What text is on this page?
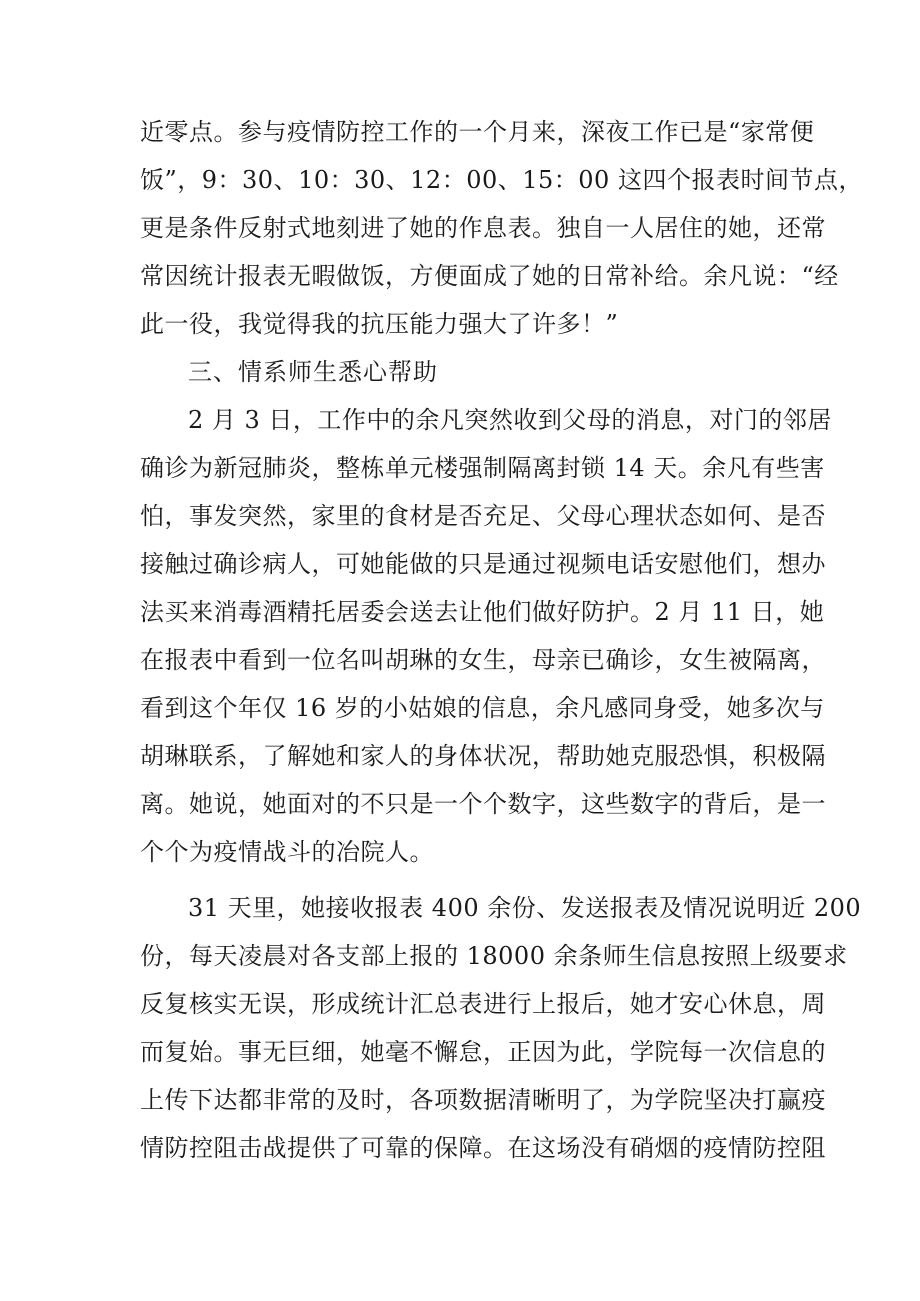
近零点。参与疫情防控工作的一个月来，深夜工作已是“家常便
饭”，9：30、10：30、12：00、15：00 这四个报表时间节点，
更是条件反射式地刻进了她的作息表。独自一人居住的她，还常
常因统计报表无暇做饭，方便面成了她的日常补给。余凡说：“经
此一役，我觉得我的抗压能力强大了许多！”
三、情系师生悉心帮助
2 月 3 日，工作中的余凡突然收到父母的消息，对门的邻居
确诊为新冠肺炎，整栋单元楼强制隔离封锁 14 天。余凡有些害
怕，事发突然，家里的食材是否充足、父母心理状态如何、是否
接触过确诊病人，可她能做的只是通过视频电话安慰他们，想办
法买来消毒酒精托居委会送去让他们做好防护。2 月 11 日，她
在报表中看到一位名叫胡琳的女生，母亲已确诊，女生被隔离，
看到这个年仅 16 岁的小姑娘的信息，余凡感同身受，她多次与
胡琳联系，了解她和家人的身体状况，帮助她克服恐惧，积极隔
离。她说，她面对的不只是一个个数字，这些数字的背后，是一
个个为疫情战斗的冶院人。
31 天里，她接收报表 400 余份、发送报表及情况说明近 200
份，每天凌晨对各支部上报的 18000 余条师生信息按照上级要求
反复核实无误，形成统计汇总表进行上报后，她才安心休息，周
而复始。事无巨细，她毫不懈怠，正因为此，学院每一次信息的
上传下达都非常的及时，各项数据清晰明了，为学院坚决打赢疫
情防控阻击战提供了可靠的保障。在这场没有硝烟的疫情防控阻
